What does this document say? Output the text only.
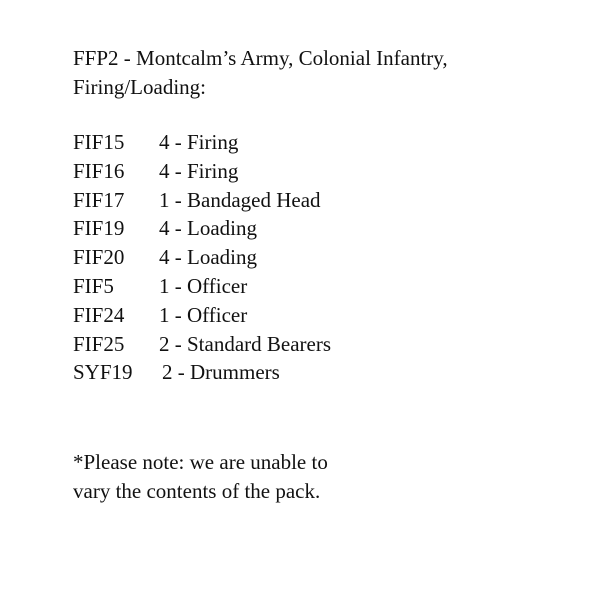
FFP2 - Montcalm’s Army, Colonial Infantry,
Firing/Loading:
FIF15	4 - Firing
FIF16	4 - Firing
FIF17	1 - Bandaged Head
FIF19	4 - Loading
FIF20	4 - Loading
FIF5	1 - Officer
FIF24	1 - Officer
FIF25	2 - Standard Bearers
SYF19	2 - Drummers

*Please note: we are unable to
vary the contents of the pack.
